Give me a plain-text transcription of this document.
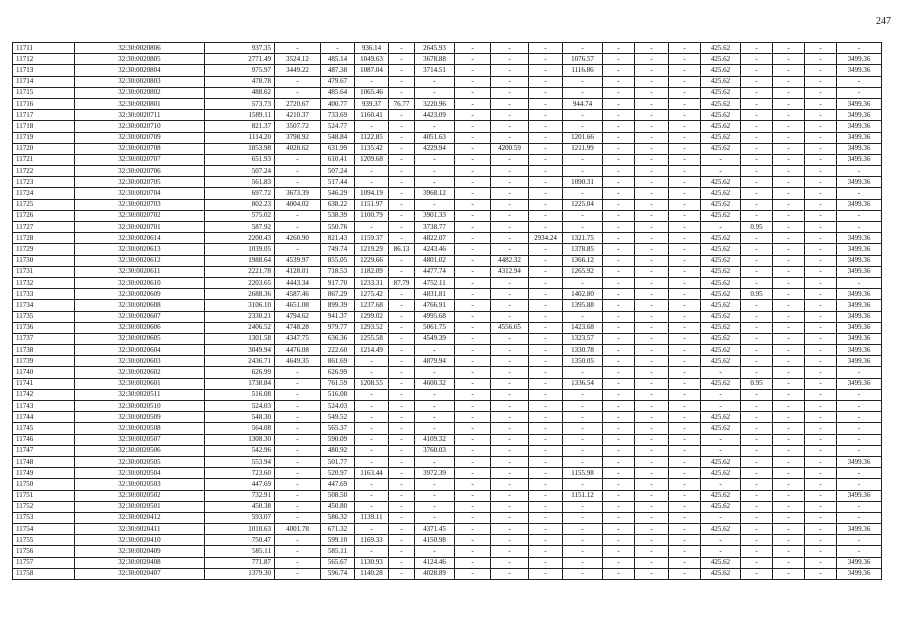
247
11711	32:30:0020806	937.35	-	-	936.14	-	2645.93	-	-	-	-	-	-	-	425.62	-	-	-	-
11712	32:30:0020805	2771.49	3524.12	485.14	1049.63	-	3678.88	-	-	-	1076.57	-	-	-	425.62	-	-	-	3499.36
11713	32:30:0020804	975.97	3449.22	487.38	1087.04	-	3714.51	-	-	-	1116.86	-	-	-	425.62	-	-	-	3499.36
11714	32:30:0020803	478.78	-	479.67	-	-	-	-	-	-	-	-	-	-	425.62	-	-	-	-
11715	32:30:0020802	488.62	-	485.64	1065.46	-	-	-	-	-	-	-	-	-	425.62	-	-	-	-
11716	32:30:0020801	573.73	2720.67	400.77	939.37	76.77	3220.96	-	-	-	944.74	-	-	-	425.62	-	-	-	3499.36
11717	32:30:0020711	1589.11	4210.37	733.69	1160.41	-	4423.09	-	-	-	-	-	-	-	425.62	-	-	-	3499.36
11718	32:30:0020710	821.37	3507.72	524.77	-	-	-	-	-	-	-	-	-	-	425.62	-	-	-	3499.36
11719	32:30:0020709	1114.20	3798.92	548.84	1122.85	-	4051.63	-	-	-	1201.66	-	-	-	425.62	-	-	-	3499.36
11720	32:30:0020708	1853.98	4028.62	631.99	1135.42	-	4229.94	-	4200.59	-	1211.99	-	-	-	425.62	-	-	-	3499.36
11721	32:30:0020707	651.93	-	610.41	1209.68	-	-	-	-	-	-	-	-	-	-	-	-	-	3499.36
11722	32:30:0020706	507.24	-	507.24	-	-	-	-	-	-	-	-	-	-	-	-	-	-	-
11723	32:30:0020705	561.83	-	517.44	-	-	-	-	-	-	1090.31	-	-	-	425.62	-	-	-	3499.36
11724	32:30:0020704	697.72	3673.39	546.29	1094.19	-	3968.12	-	-	-	-	-	-	-	425.62	-	-	-	-
11725	32:30:0020703	802.23	4004.02	638.22	1151.97	-	-	-	-	-	1225.04	-	-	-	425.62	-	-	-	3499.36
11726	32:30:0020702	575.02	-	538.39	1100.79	-	3901.33	-	-	-	-	-	-	-	425.62	-	-	-	-
11727	32:30:0020701	587.92	-	550.76	-	-	3738.77	-	-	-	-	-	-	-	-	0.95	-	-	-
11728	32:30:0020614	2200.43	4260.90	821.43	1159.37	-	4822.07	-	-	2934.24	1321.75	-	-	-	425.62	-	-	-	3499.36
11729	32:30:0020613	1039.05	-	749.74	1219.29	86.13	4243.46	-	-	-	1378.85	-	-	-	425.62	-	-	-	3499.36
11730	32:30:0020612	1988.64	4539.97	855.05	1229.66	-	4801.02	-	4482.32	-	1366.12	-	-	-	425.62	-	-	-	3499.36
11731	32:30:0020611	2221.78	4128.01	718.53	1182.09	-	4477.74	-	4312.94	-	1265.92	-	-	-	425.62	-	-	-	3499.36
11732	32:30:0020610	2203.65	4443.34	917.70	1233.31	87.79	4752.11	-	-	-	-	-	-	-	425.62	-	-	-	-
11733	32:30:0020609	2688.36	4587.46	867.29	1275.42	-	4831.81	-	-	-	1402.80	-	-	-	425.62	0.95	-	-	3499.36
11734	32:30:0020608	3106.10	4651.08	899.39	1237.68	-	4766.91	-	-	-	1395.88	-	-	-	425.62	-	-	-	3499.36
11735	32:30:0020607	2330.21	4794.62	941.37	1299.02	-	4995.68	-	-	-	-	-	-	-	425.62	-	-	-	3499.36
11736	32:30:0020606	2406.52	4748.28	979.77	1293.52	-	5061.75	-	4556.65	-	1423.68	-	-	-	425.62	-	-	-	3499.36
11737	32:30:0020605	1301.58	4347.75	636.36	1255.58	-	4549.39	-	-	-	1323.57	-	-	-	425.62	-	-	-	3499.36
11738	32:30:0020604	3049.94	4476.08	222.60	1214.49	-	-	-	-	-	1330.78	-	-	-	425.62	-	-	-	3499.36
11739	32:30:0020603	2436.71	4649.35	861.69	-	-	4879.94	-	-	-	1350.05	-	-	-	425.62	-	-	-	3499.36
11740	32:30:0020602	626.99	-	626.99	-	-	-	-	-	-	-	-	-	-	-	-	-	-	-
11741	32:30:0020601	1738.84	-	761.59	1208.55	-	4600.32	-	-	-	1336.54	-	-	-	425.62	0.95	-	-	3499.36
11742	32:30:0020511	516.08	-	516.08	-	-	-	-	-	-	-	-	-	-	-	-	-	-	-
11743	32:30:0020510	524.03	-	524.03	-	-	-	-	-	-	-	-	-	-	-	-	-	-	-
11744	32:30:0020509	548.30	-	549.52	-	-	-	-	-	-	-	-	-	-	425.62	-	-	-	-
11745	32:30:0020508	564.08	-	565.37	-	-	-	-	-	-	-	-	-	-	425.62	-	-	-	-
11746	32:30:0020507	1308.30	-	590.09	-	-	4109.32	-	-	-	-	-	-	-	-	-	-	-	-
11747	32:30:0020506	542.96	-	480.92	-	-	3760.03	-	-	-	-	-	-	-	-	-	-	-	-
11748	32:30:0020505	553.94	-	501.77	-	-	-	-	-	-	-	-	-	-	425.62	-	-	-	3499.36
11749	32:30:0020504	723.60	-	520.97	1163.44	-	3972.39	-	-	-	1155.98	-	-	-	425.62	-	-	-	-
11750	32:30:0020503	447.69	-	447.69	-	-	-	-	-	-	-	-	-	-	-	-	-	-	-
11751	32:30:0020502	732.91	-	508.50	-	-	-	-	-	-	1151.12	-	-	-	425.62	-	-	-	3499.36
11752	32:30:0020501	450.38	-	450.80	-	-	-	-	-	-	-	-	-	-	425.62	-	-	-	-
11753	32:30:0020412	593.07	-	586.32	1139.11	-	-	-	-	-	-	-	-	-	-	-	-	-	-
11754	32:30:0020411	1010.63	4001.78	671.32	-	-	4371.45	-	-	-	-	-	-	-	425.62	-	-	-	3499.36
11755	32:30:0020410	750.47	-	599.10	1169.33	-	4150.98	-	-	-	-	-	-	-	-	-	-	-	-
11756	32:30:0020409	585.11	-	585.11	-	-	-	-	-	-	-	-	-	-	-	-	-	-	-
11757	32:30:0020408	771.87	-	565.67	1130.93	-	4124.46	-	-	-	-	-	-	-	425.62	-	-	-	3499.36
11758	32:30:0020407	1379.30	-	596.74	1140.28	-	4028.89	-	-	-	-	-	-	-	425.62	-	-	-	3499.36
